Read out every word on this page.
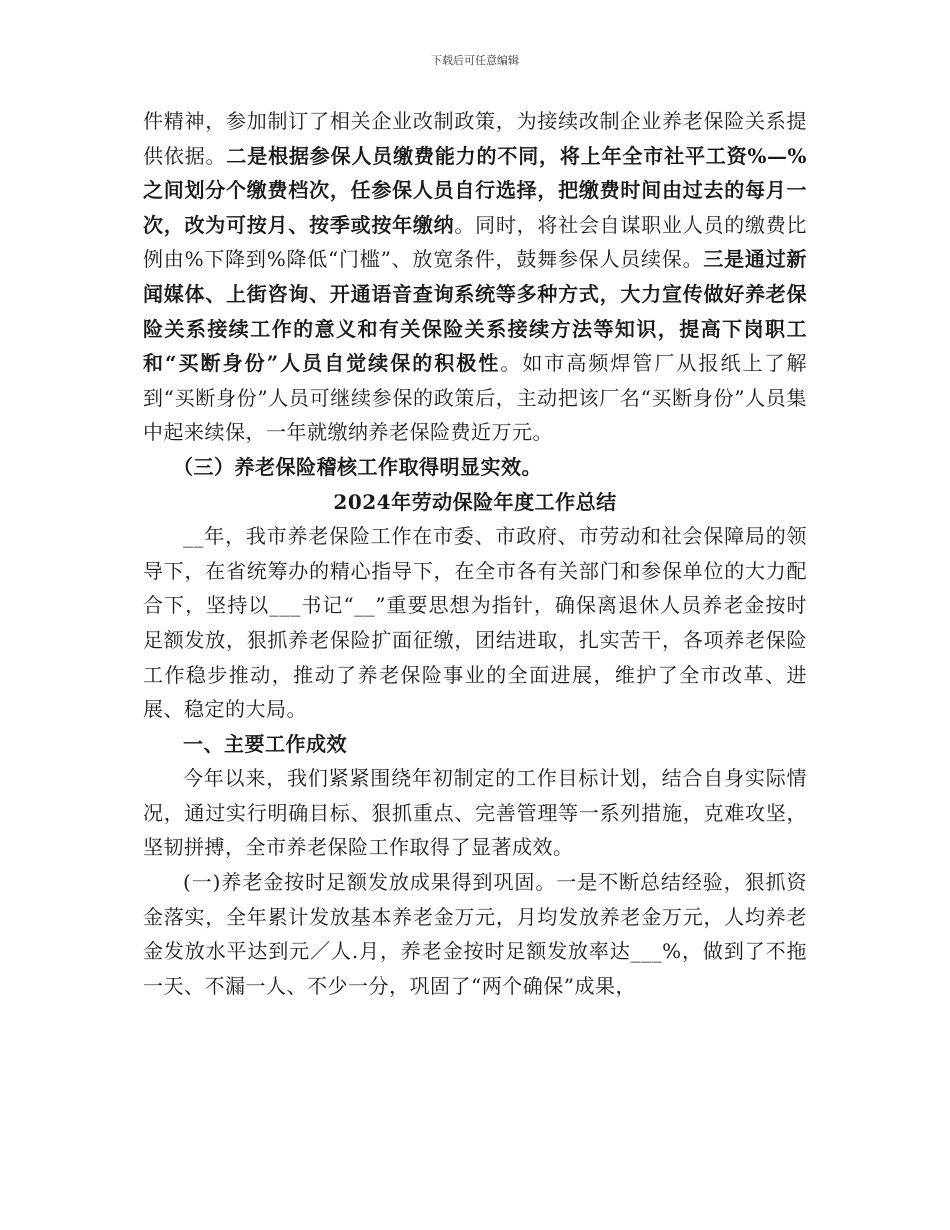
下载后可任意编辑

件精神，参加制订了相关企业改制政策，为接续改制企业养老保险关系提供依据。二是根据参保人员缴费能力的不同，将上年全市社平工资%—%之间划分个缴费档次，任参保人员自行选择，把缴费时间由过去的每月一次，改为可按月、按季或按年缴纳。同时，将社会自谋职业人员的缴费比例由%下降到%降低“门槛”、放宽条件，鼓舞参保人员续保。三是通过新闻媒体、上街咨询、开通语音查询系统等多种方式，大力宣传做好养老保险关系接续工作的意义和有关保险关系接续方法等知识，提高下岗职工和“买断身份”人员自觉续保的积极性。如市高频焊管厂从报纸上了解到“买断身份”人员可继续参保的政策后，主动把该厂名“买断身份”人员集中起来续保，一年就缴纳养老保险费近万元。

（三）养老保险稽核工作取得明显实效。

2024年劳动保险年度工作总结

__年，我市养老保险工作在市委、市政府、市劳动和社会保障局的领导下，在省统筹办的精心指导下，在全市各有关部门和参保单位的大力配合下，坚持以___书记“__”重要思想为指针，确保离退休人员养老金按时足额发放，狠抓养老保险扩面征缴，团结进取，扎实苦干，各项养老保险工作稳步推动，推动了养老保险事业的全面进展，维护了全市改革、进展、稳定的大局。

一、主要工作成效

今年以来，我们紧紧围绕年初制定的工作目标计划，结合自身实际情况，通过实行明确目标、狠抓重点、完善管理等一系列措施，克难攻坚，坚韧拼搏，全市养老保险工作取得了显著成效。

(一)养老金按时足额发放成果得到巩固。一是不断总结经验，狠抓资金落实，全年累计发放基本养老金万元，月均发放养老金万元，人均养老金发放水平达到元／人.月，养老金按时足额发放率达___%，做到了不拖一天、不漏一人、不少一分，巩固了“两个确保”成果，
